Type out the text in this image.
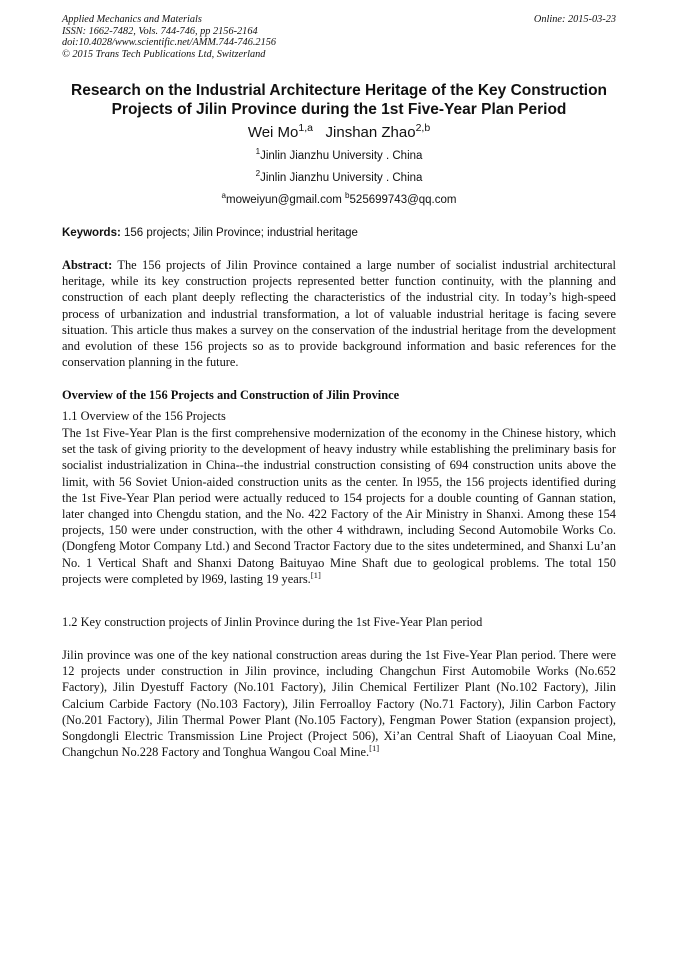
Applied Mechanics and Materials
ISSN: 1662-7482, Vols. 744-746, pp 2156-2164
doi:10.4028/www.scientific.net/AMM.744-746.2156
© 2015 Trans Tech Publications Ltd, Switzerland
Online: 2015-03-23
Research on the Industrial Architecture Heritage of the Key Construction
Projects of Jilin Province during the 1st Five-Year Plan Period
Wei Mo$^{1,a}$ Jinshan Zhao$^{2,b}$
$^1$Jinlin Jianzhu University . China
$^2$Jinlin Jianzhu University . China
$^a$moweiyun@gmail.com $^b$525699743@qq.com
Keywords: 156 projects; Jilin Province; industrial heritage

Abstract: The 156 projects of Jilin Province contained a large number of socialist industrial architectural heritage, while its key construction projects represented better function continuity, with the planning and construction of each plant deeply reflecting the characteristics of the industrial city. In today’s high-speed process of urbanization and industrial transformation, a lot of valuable industrial heritage is facing severe situation. This article thus makes a survey on the conservation of the industrial heritage from the development and evolution of these 156 projects so as to provide background information and basic references for the conservation planning in the future.

Overview of the 156 Projects and Construction of Jilin Province
1.1 Overview of the 156 Projects

The 1st Five-Year Plan is the first comprehensive modernization of the economy in the Chinese history, which set the task of giving priority to the development of heavy industry while establishing the preliminary basis for socialist industrialization in China--the industrial construction consisting of 694 construction units above the limit, with 56 Soviet Union-aided construction units as the center. In l955, the 156 projects identified during the 1st Five-Year Plan period were actually reduced to 154 projects for a double counting of Gannan station, later changed into Chengdu station, and the No. 422 Factory of the Air Ministry in Shanxi. Among these 154 projects, 150 were under construction, with the other 4 withdrawn, including Second Automobile Works Co. (Dongfeng Motor Company Ltd.) and Second Tractor Factory due to the sites undetermined, and Shanxi Lu’an No. 1 Vertical Shaft and Shanxi Datong Baituyao Mine Shaft due to geological problems. The total 150 projects were completed by l969, lasting 19 years.[1]

1.2 Key construction projects of Jinlin Province during the 1st Five-Year Plan period

Jilin province was one of the key national construction areas during the 1st Five-Year Plan period. There were 12 projects under construction in Jilin province, including Changchun First Automobile Works (No.652 Factory), Jilin Dyestuff Factory (No.101 Factory), Jilin Chemical Fertilizer Plant (No.102 Factory), Jilin Calcium Carbide Factory (No.103 Factory), Jilin Ferroalloy Factory (No.71 Factory), Jilin Carbon Factory (No.201 Factory), Jilin Thermal Power Plant (No.105 Factory), Fengman Power Station (expansion project), Songdongli Electric Transmission Line Project (Project 506), Xi’an Central Shaft of Liaoyuan Coal Mine, Changchun No.228 Factory and Tonghua Wangou Coal Mine.[1]
